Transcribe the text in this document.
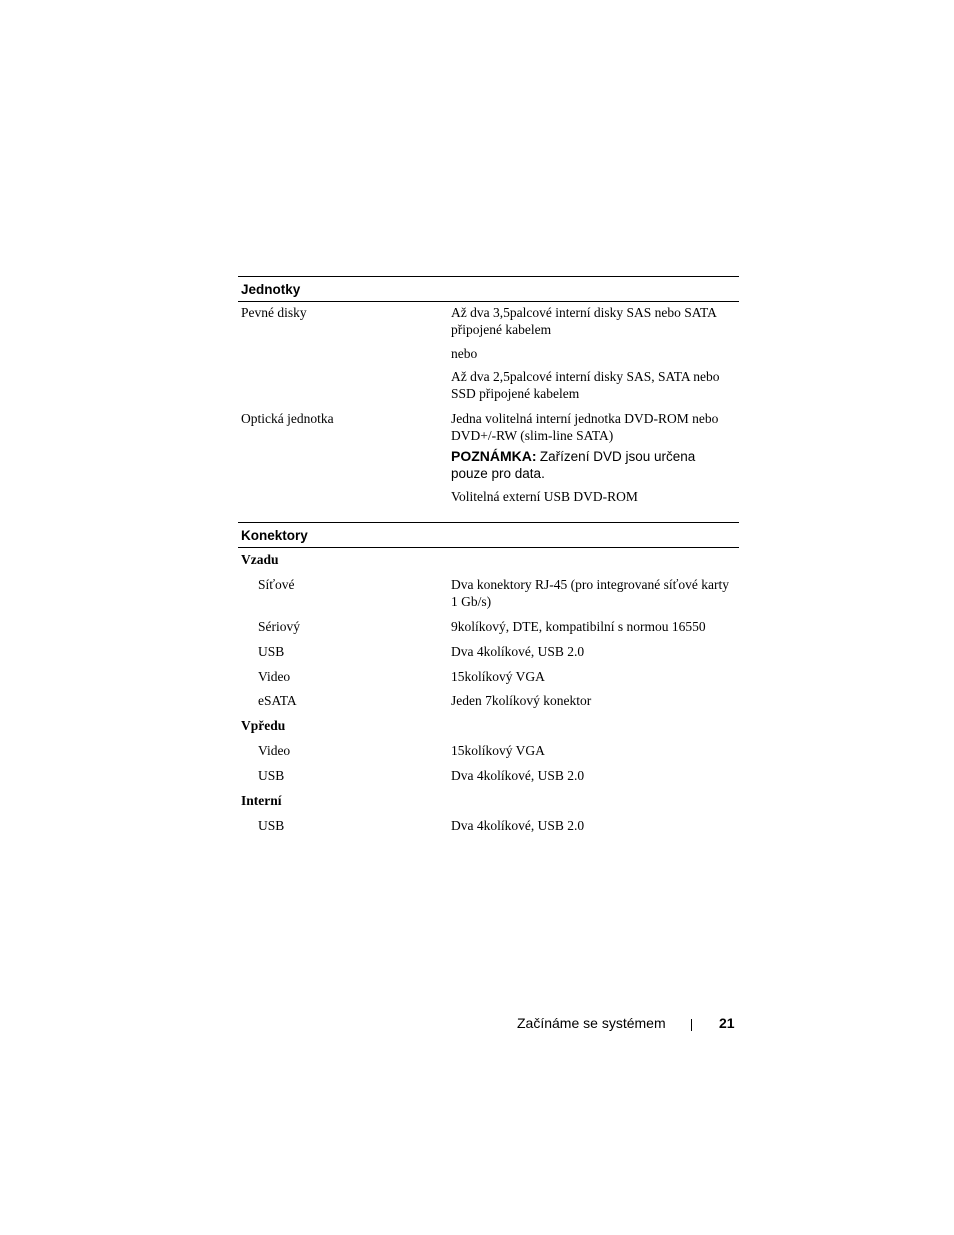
Jednotky
Pevné disky	Až dva 3,5palcové interní disky SAS nebo SATA
připojené kabelem
nebo
Až dva 2,5palcové interní disky SAS, SATA nebo
SSD připojené kabelem
Optická jednotka	Jedna volitelná interní jednotka DVD-ROM nebo
DVD+/-RW (slim-line SATA)
POZNÁMKA: Zařízení DVD jsou určena
pouze pro data.
Volitelná externí USB DVD-ROM
Konektory
Vzadu
Síťové	Dva konektory RJ-45 (pro integrované síťové karty
1 Gb/s)
Sériový	9kolíkový, DTE, kompatibilní s normou 16550
USB	Dva 4kolíkové, USB 2.0
Video	15kolíkový VGA
eSATA	Jeden 7kolíkový konektor
Vpředu
Video	15kolíkový VGA
USB	Dva 4kolíkové, USB 2.0
Interní
USB	Dva 4kolíkové, USB 2.0
Začínáme se systémem	21
